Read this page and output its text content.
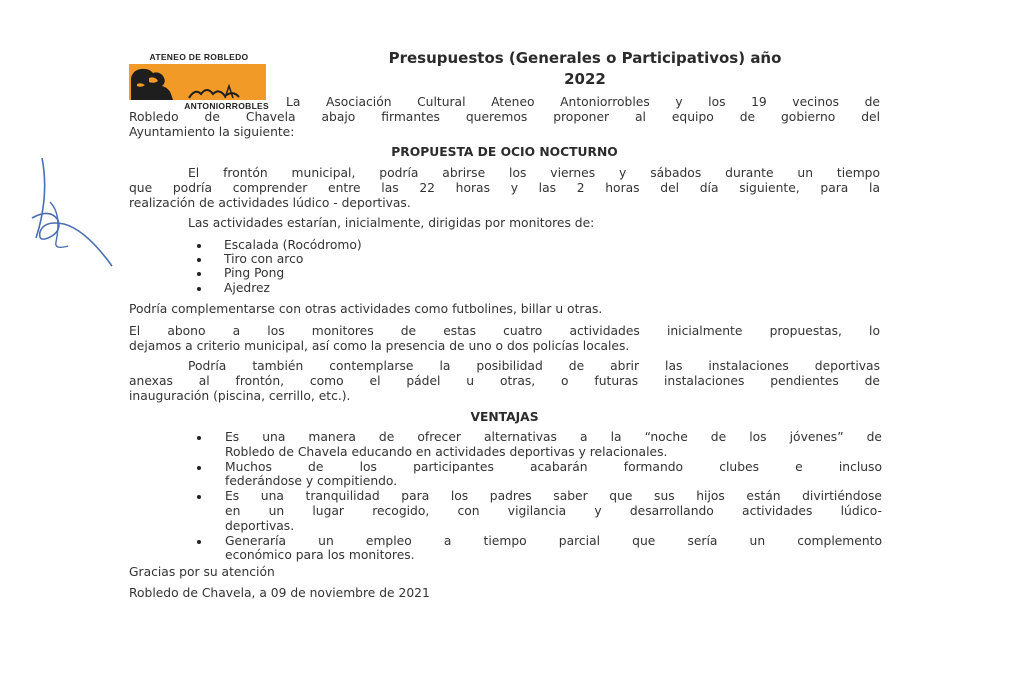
ATENEO DE ROBLEDO
ANTONIORROBLES
Presupuestos (Generales o Participativos) año
2022
La Asociación Cultural Ateneo Antoniorrobles y los 19 vecinos de
Robledo de Chavela abajo firmantes queremos proponer al equipo de gobierno del
Ayuntamiento la siguiente:
PROPUESTA DE OCIO NOCTURNO
El frontón municipal, podría abrirse los viernes y sábados durante un tiempo
que podría comprender entre las 22 horas y las 2 horas del día siguiente, para la
realización de actividades lúdico - deportivas.
Las actividades estarían, inicialmente, dirigidas por monitores de:
Escalada (Rocódromo)
Tiro con arco
Ping Pong
Ajedrez
Podría complementarse con otras actividades como futbolines, billar u otras.
El abono a los monitores de estas cuatro actividades inicialmente propuestas, lo
dejamos a criterio municipal, así como la presencia de uno o dos policías locales.
Podría también contemplarse la posibilidad de abrir las instalaciones deportivas
anexas al frontón, como el pádel u otras, o futuras instalaciones pendientes de
inauguración (piscina, cerrillo, etc.).
VENTAJAS
Es una manera de ofrecer alternativas a la “noche de los jóvenes” de
Robledo de Chavela educando en actividades deportivas y relacionales.
Muchos de los participantes acabarán formando clubes e incluso
federándose y compitiendo.
Es una tranquilidad para los padres saber que sus hijos están divirtiéndose
en un lugar recogido, con vigilancia y desarrollando actividades lúdico-
deportivas.
Generaría un empleo a tiempo parcial que sería un complemento
económico para los monitores.
Gracias por su atención
Robledo de Chavela, a 09 de noviembre de 2021
